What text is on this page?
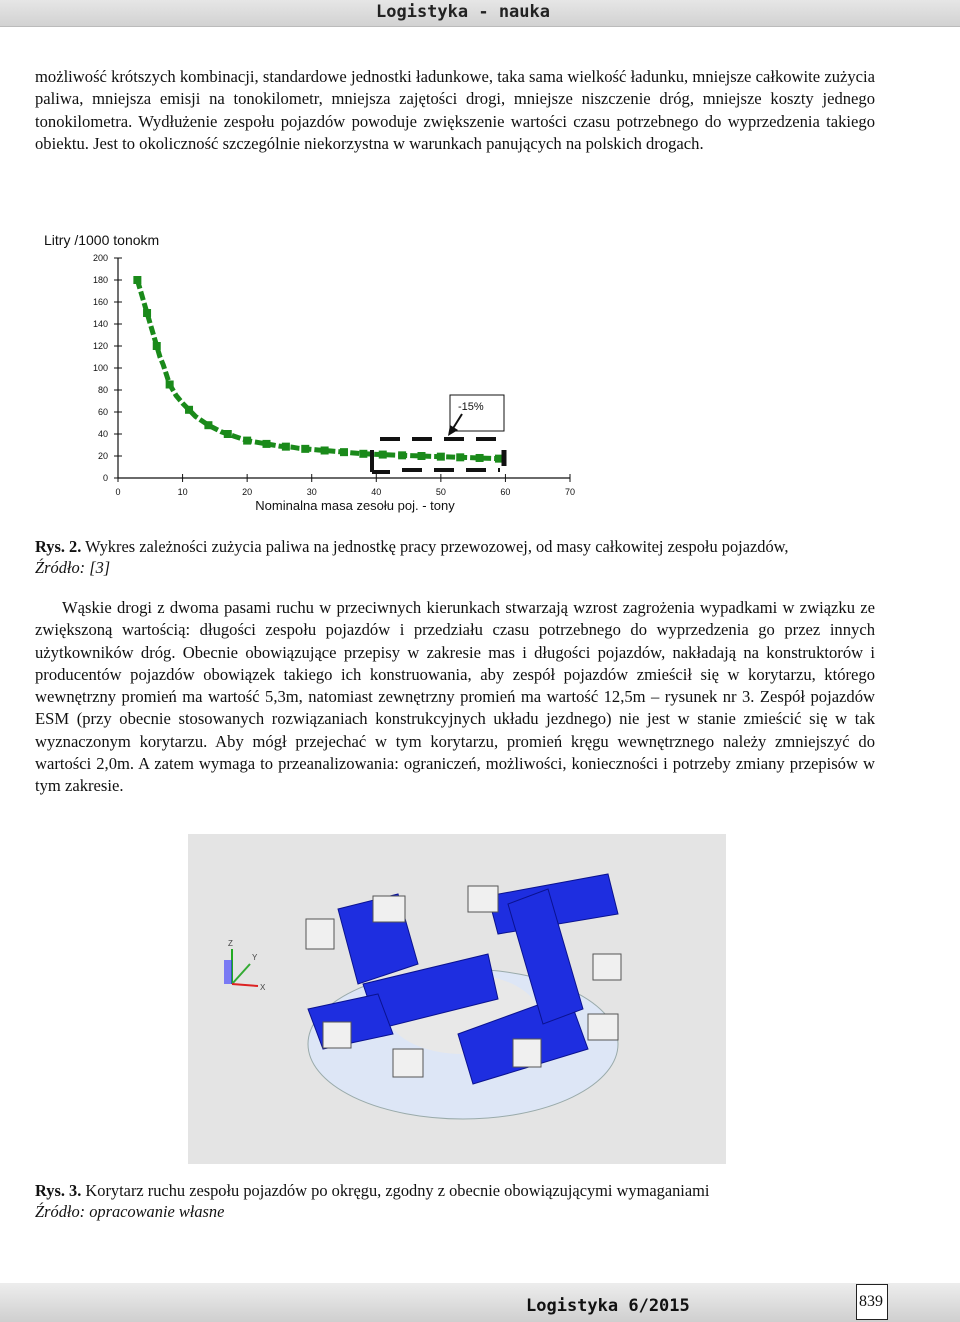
Logistyka - nauka

możliwość krótszych kombinacji, standardowe jednostki ładunkowe, taka sama wielkość ładunku, mniejsze całkowite zużycia paliwa, mniejsza emisji na tonokilometr, mniejsza zajętości drogi, mniejsze niszczenie dróg, mniejsze koszty jednego tonokilometra. Wydłużenie zespołu pojazdów powoduje zwiększenie wartości czasu potrzebnego do wyprzedzenia takiego obiektu. Jest to okoliczność szczególnie niekorzystna w warunkach panujących na polskich drogach.

Litry /1000 tonokm
Nominalna masa zesołu poj. - tony
0
20
40
60
80
100
120
140
160
180
200
0	10	20	30	40	50	60	70
-15%
Rys. 2. Wykres zależności zużycia paliwa na jednostkę pracy przewozowej, od masy całkowitej zespołu pojazdów,
Źródło: [3]

Wąskie drogi z dwoma pasami ruchu w przeciwnych kierunkach stwarzają wzrost zagrożenia wypadkami w związku ze zwiększoną wartością: długości zespołu pojazdów i przedziału czasu potrzebnego do wyprzedzenia go przez innych użytkowników dróg. Obecnie obowiązujące przepisy w zakresie mas i długości pojazdów, nakładają na konstruktorów i producentów pojazdów obowiązek takiego ich konstruowania, aby zespół pojazdów zmieścił się w korytarzu, którego wewnętrzny promień ma wartość 5,3m, natomiast zewnętrzny promień ma wartość 12,5m – rysunek nr 3. Zespół pojazdów ESM (przy obecnie stosowanych rozwiązaniach konstrukcyjnych układu jezdnego) nie jest w stanie zmieścić się w tak wyznaczonym korytarzu. Aby mógł przejechać w tym korytarzu, promień kręgu wewnętrznego należy zmniejszyć do wartości 2,0m. A zatem wymaga to przeanalizowania: ograniczeń, możliwości, konieczności i potrzeby zmiany przepisów w tym zakresie.

Z
Y
X
Rys. 3. Korytarz ruchu zespołu pojazdów po okręgu, zgodny z obecnie obowiązującymi wymaganiami
Źródło: opracowanie własne
Logistyka 6/2015	839
